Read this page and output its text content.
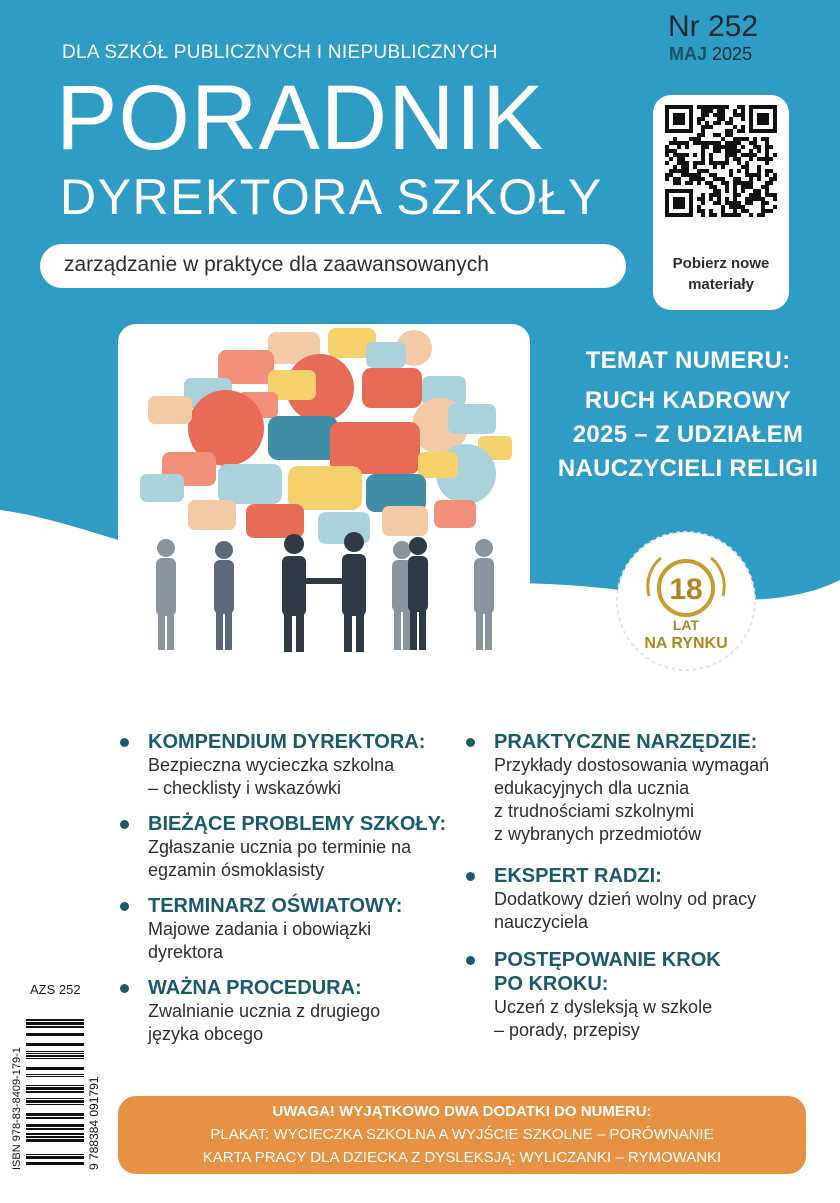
DLA SZKÓŁ PUBLICZNYCH I NIEPUBLICZNYCH
PORADNIK
DYREKTORA SZKOŁY
zarządzanie w praktyce dla zaawansowanych
Nr 252
MAJ 2025
Pobierz nowe
materiały
TEMAT NUMERU:
RUCH KADROWY
2025 – Z UDZIAŁEM
NAUCZYCIELI RELIGII
18
LAT
NA RYNKU
KOMPENDIUM DYREKTORA:
Bezpieczna wycieczka szkolna
– checklisty i wskazówki
BIEŻĄCE PROBLEMY SZKOŁY:
Zgłaszanie ucznia po terminie na
egzamin ósmoklasisty
TERMINARZ OŚWIATOWY:
Majowe zadania i obowiązki
dyrektora
WAŻNA PROCEDURA:
Zwalnianie ucznia z drugiego
języka obcego
PRAKTYCZNE NARZĘDZIE:
Przykłady dostosowania wymagań
edukacyjnych dla ucznia
z trudnościami szkolnymi
z wybranych przedmiotów
EKSPERT RADZI:
Dodatkowy dzień wolny od pracy
nauczyciela
POSTĘPOWANIE KROK
PO KROKU:
Uczeń z dysleksją w szkole
– porady, przepisy
AZS 252
ISBN 978-83-8409-179-1	9 788384 091791	UWAGA! WYJĄTKOWO DWA DODATKI DO NUMERU:
PLAKAT: WYCIECZKA SZKOLNA A WYJŚCIE SZKOLNE – PORÓWNANIE
KARTA PRACY DLA DZIECKA Z DYSLEKSJĄ: WYLICZANKI – RYMOWANKI
